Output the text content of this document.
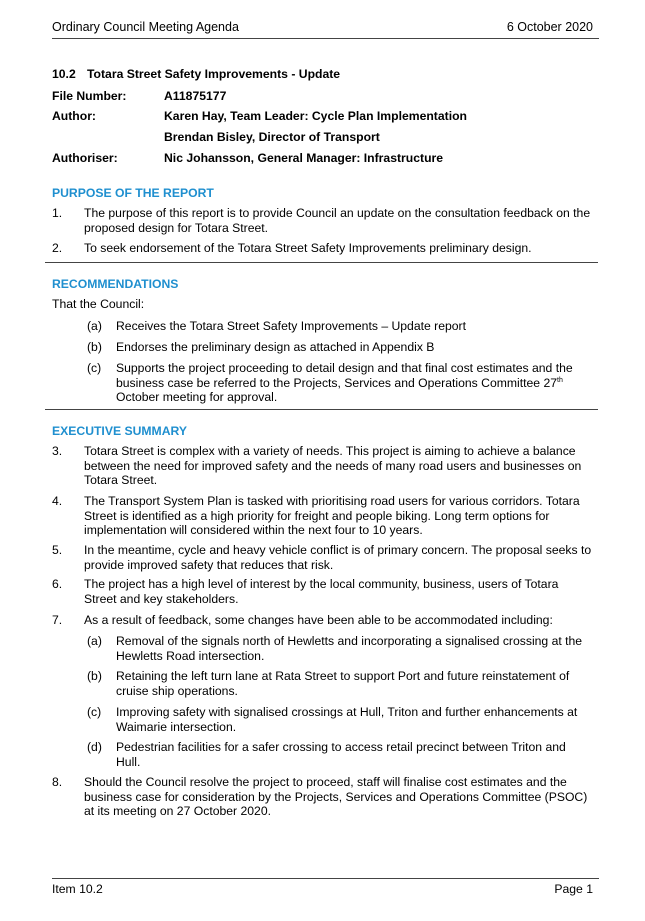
Ordinary Council Meeting Agenda	6 October 2020
10.2 Totara Street Safety Improvements - Update
File Number:	A11875177
Author:	Karen Hay, Team Leader: Cycle Plan Implementation
Brendan Bisley, Director of Transport
Authoriser:	Nic Johansson, General Manager: Infrastructure
PURPOSE OF THE REPORT
1. The purpose of this report is to provide Council an update on the consultation feedback on the proposed design for Totara Street.
2. To seek endorsement of the Totara Street Safety Improvements preliminary design.
RECOMMENDATIONS
That the Council:
(a) Receives the Totara Street Safety Improvements – Update report
(b) Endorses the preliminary design as attached in Appendix B
(c) Supports the project proceeding to detail design and that final cost estimates and the business case be referred to the Projects, Services and Operations Committee 27th October meeting for approval.
EXECUTIVE SUMMARY
3. Totara Street is complex with a variety of needs. This project is aiming to achieve a balance between the need for improved safety and the needs of many road users and businesses on Totara Street.
4. The Transport System Plan is tasked with prioritising road users for various corridors. Totara Street is identified as a high priority for freight and people biking. Long term options for implementation will considered within the next four to 10 years.
5. In the meantime, cycle and heavy vehicle conflict is of primary concern. The proposal seeks to provide improved safety that reduces that risk.
6. The project has a high level of interest by the local community, business, users of Totara Street and key stakeholders.
7. As a result of feedback, some changes have been able to be accommodated including:
(a) Removal of the signals north of Hewletts and incorporating a signalised crossing at the Hewletts Road intersection.
(b) Retaining the left turn lane at Rata Street to support Port and future reinstatement of cruise ship operations.
(c) Improving safety with signalised crossings at Hull, Triton and further enhancements at Waimarie intersection.
(d) Pedestrian facilities for a safer crossing to access retail precinct between Triton and Hull.
8. Should the Council resolve the project to proceed, staff will finalise cost estimates and the business case for consideration by the Projects, Services and Operations Committee (PSOC) at its meeting on 27 October 2020.
Item 10.2	Page 1
